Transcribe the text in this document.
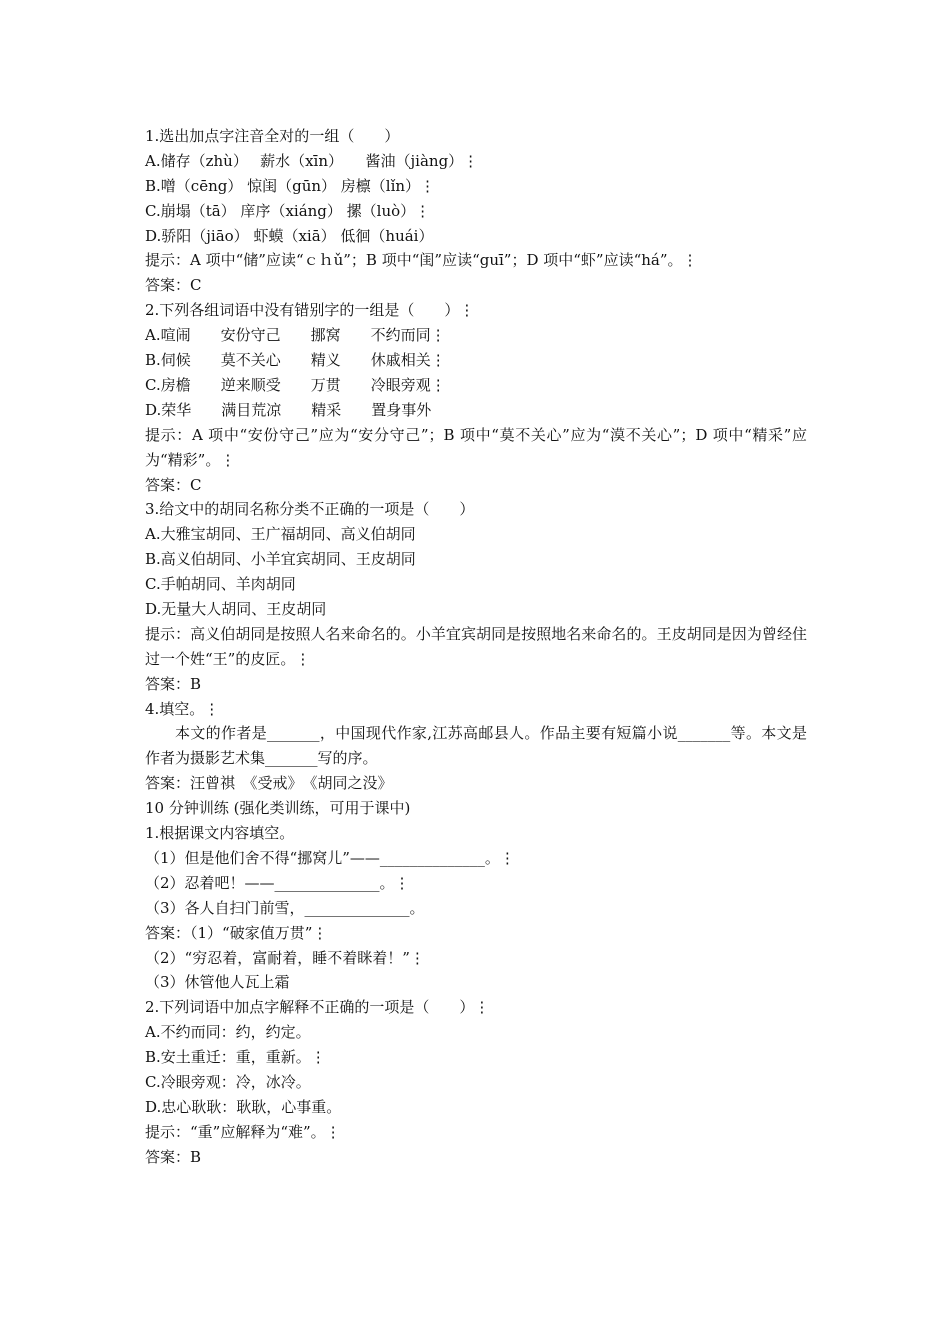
1.选出加点字注音全对的一组（　　）
A.储存（zhù）　 薪水（xīn）　　酱油（jiàng）⋮
B.噌（cēng） 惊闺（gūn） 房檩（lǐn）⋮
C.崩塌（tā） 庠序（xiáng） 摞（luò）⋮
D.骄阳（jiāo） 虾蟆（xiā） 低徊（huái）
提示：A 项中“储”应读“ｃｈǔ”；B 项中“闺”应读“guī”；D 项中“虾”应读“há”。⋮
答案：C
2.下列各组词语中没有错别字的一组是（　　）⋮
A.喧闹　　安份守己　　挪窝　　不约而同⋮
B.伺候　　莫不关心　　精义　　休戚相关⋮
C.房檐　　逆来顺受　　万贯　　冷眼旁观⋮
D.荣华　　满目荒凉　　精采　　置身事外
提示：A 项中“安份守己”应为“安分守己”；B 项中“莫不关心”应为“漠不关心”；D 项中“精采”应为“精彩”。⋮
答案：C
3.给文中的胡同名称分类不正确的一项是（　　）
A.大雅宝胡同、王广福胡同、高义伯胡同
B.高义伯胡同、小羊宜宾胡同、王皮胡同
C.手帕胡同、羊肉胡同
D.无量大人胡同、王皮胡同
提示：高义伯胡同是按照人名来命名的。小羊宜宾胡同是按照地名来命名的。王皮胡同是因为曾经住过一个姓“王”的皮匠。⋮
答案：B
4.填空。⋮
本文的作者是_______，中国现代作家,江苏高邮县人。作品主要有短篇小说_______等。本文是作者为摄影艺术集_______写的序。
答案：汪曾祺　《受戒》　《胡同之没》
10 分钟训练 (强化类训练，可用于课中)
1.根据课文内容填空。
（1）但是他们舍不得“挪窝儿”——______________。⋮
（2）忍着吧！——______________。⋮
（3）各人自扫门前雪，______________。
答案：（1）“破家值万贯”⋮
（2）“穷忍着，富耐着，睡不着眯着！”⋮
（3）休管他人瓦上霜
2.下列词语中加点字解释不正确的一项是（　　）⋮
A.不约而同：约，约定。
B.安土重迁：重，重新。⋮
C.冷眼旁观：冷，冰冷。
D.忠心耿耿：耿耿，心事重。
提示：“重”应解释为“难”。⋮
答案：B
